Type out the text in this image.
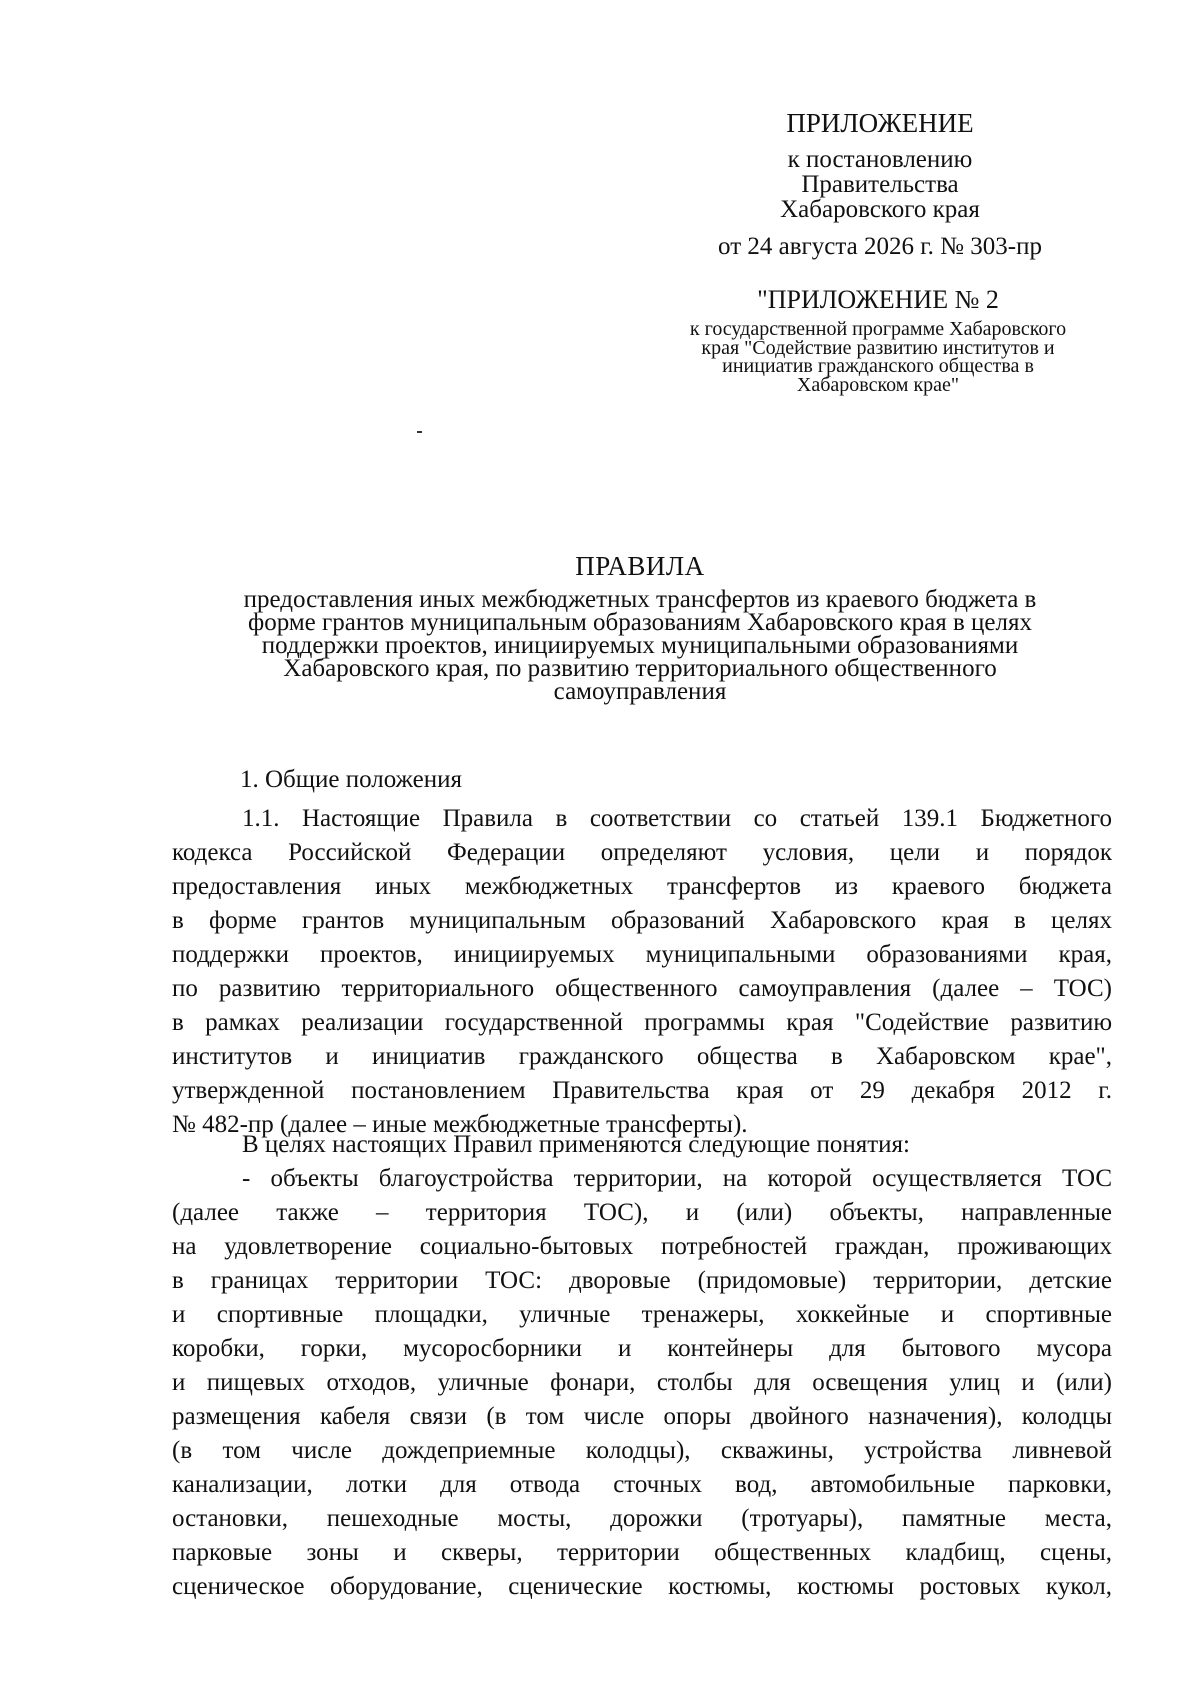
ПРИЛОЖЕНИЕ
к постановлению
Правительства
Хабаровского края
от 24 августа 2026 г. № 303-пр
"ПРИЛОЖЕНИЕ № 2
к государственной программе Хабаровского края "Содействие развитию институтов и инициатив гражданского общества в Хабаровском крае"
ПРАВИЛА
предоставления иных межбюджетных трансфертов из краевого бюджета в
форме грантов муниципальным образованиям Хабаровского края в целях
поддержки проектов, инициируемых муниципальными образованиями
Хабаровского края, по развитию территориального общественного
самоуправления
1. Общие положения
1.1. Настоящие Правила в соответствии со статьей 139.1 Бюджетного
кодекса Российской Федерации определяют условия, цели и порядок
предоставления иных межбюджетных трансфертов из краевого бюджета
в форме грантов муниципальным образований Хабаровского края в целях
поддержки проектов, инициируемых муниципальными образованиями края,
по развитию территориального общественного самоуправления (далее – ТОС)
в рамках реализации государственной программы края "Содействие развитию
институтов и инициатив гражданского общества в Хабаровском крае",
утвержденной постановлением Правительства края от 29 декабря 2012 г.
№ 482-пр (далее – иные межбюджетные трансферты).
В целях настоящих Правил применяются следующие понятия:
- объекты благоустройства территории, на которой осуществляется ТОС
(далее также – территория ТОС), и (или) объекты, направленные
на удовлетворение социально-бытовых потребностей граждан, проживающих
в границах территории ТОС: дворовые (придомовые) территории, детские
и спортивные площадки, уличные тренажеры, хоккейные и спортивные
коробки, горки, мусоросборники и контейнеры для бытового мусора
и пищевых отходов, уличные фонари, столбы для освещения улиц и (или)
размещения кабеля связи (в том числе опоры двойного назначения), колодцы
(в том числе дождеприемные колодцы), скважины, устройства ливневой
канализации, лотки для отвода сточных вод, автомобильные парковки,
остановки, пешеходные мосты, дорожки (тротуары), памятные места,
парковые зоны и скверы, территории общественных кладбищ, сцены,
сценическое оборудование, сценические костюмы, костюмы ростовых кукол,
